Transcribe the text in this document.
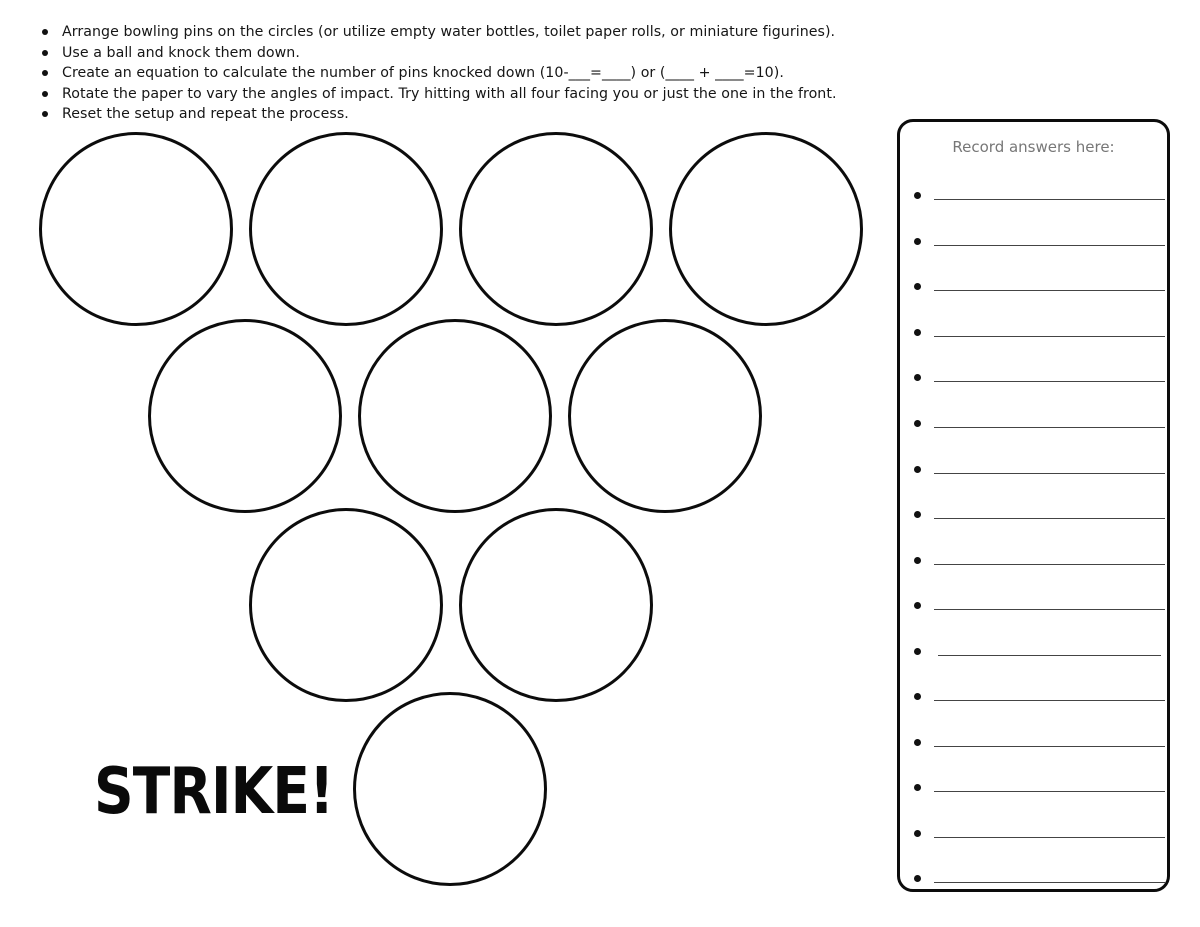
Arrange bowling pins on the circles (or utilize empty water bottles, toilet paper rolls, or miniature figurines).
Use a ball and knock them down.
Create an equation to calculate the number of pins knocked down (10-___=____) or (____ + ____=10).
Rotate the paper to vary the angles of impact. Try hitting with all four facing you or just the one in the front.
Reset the setup and repeat the process.
STRIKE!
Record answers here:
